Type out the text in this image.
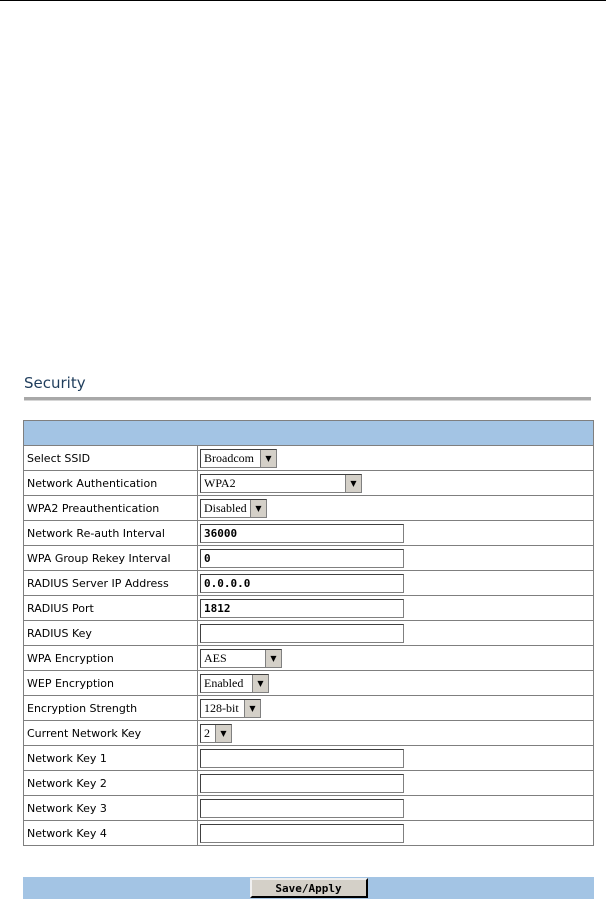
Security
Select SSID	Broadcom	▼
Network Authentication	WPA2	▼
WPA2 Preauthentication	Disabled	▼
Network Re-auth Interval	36000
WPA Group Rekey Interval	0
RADIUS Server IP Address	0.0.0.0
RADIUS Port	1812
RADIUS Key
WPA Encryption	AES	▼
WEP Encryption	Enabled	▼
Encryption Strength	128-bit	▼
Current Network Key	2	▼
Network Key 1
Network Key 2
Network Key 3
Network Key 4
Save/Apply
